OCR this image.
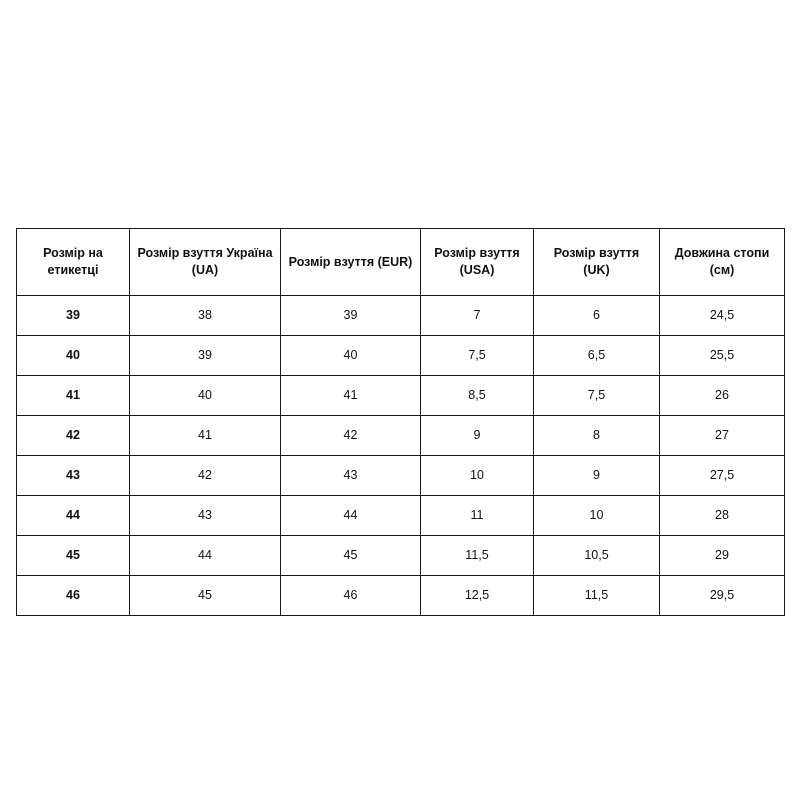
Розмір на етикетці	Розмір взуття Україна (UA)	Розмір взуття (EUR)	Розмір взуття (USA)	Розмір взуття (UK)	Довжина стопи (см)
39	38	39	7	6	24,5
40	39	40	7,5	6,5	25,5
41	40	41	8,5	7,5	26
42	41	42	9	8	27
43	42	43	10	9	27,5
44	43	44	11	10	28
45	44	45	11,5	10,5	29
46	45	46	12,5	11,5	29,5
